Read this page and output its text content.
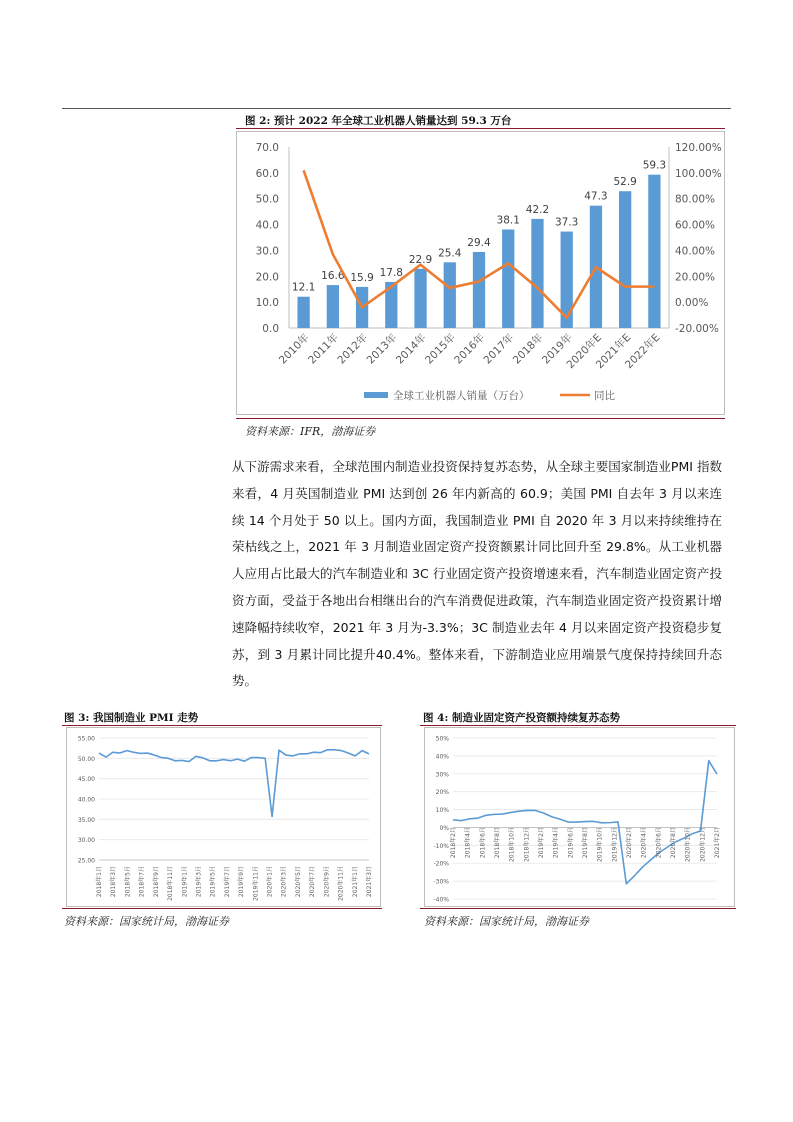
图 2: 预计 2022 年全球工业机器人销量达到 59.3 万台
0.0
10.0
20.0
30.0
40.0
50.0
60.0
70.0
-20.00%
0.00%
20.00%
40.00%
60.00%
80.00%
100.00%
120.00%
12.1
2010年
16.6
2011年
15.9
2012年
17.8
2013年
22.9
2014年
25.4
2015年
29.4
2016年
38.1
2017年
42.2
2018年
37.3
2019年
47.3
2020年E
52.9
2021年E
59.3
2022年E
全球工业机器人销量（万台）	同比
资料来源：IFR，渤海证券
从下游需求来看，全球范围内制造业投资保持复苏态势，从全球主要国家制造业PMI 指数来看，4 月英国制造业 PMI 达到创 26 年内新高的 60.9；美国 PMI 自去年 3 月以来连续 14 个月处于 50 以上。国内方面，我国制造业 PMI 自 2020 年 3 月以来持续维持在荣枯线之上，2021 年 3 月制造业固定资产投资额累计同比回升至 29.8%。从工业机器人应用占比最大的汽车制造业和 3C 行业固定资产投资增速来看，汽车制造业固定资产投资方面，受益于各地出台相继出台的汽车消费促进政策，汽车制造业固定资产投资累计增速降幅持续收窄，2021 年 3 月为-3.3%；3C 制造业去年 4 月以来固定资产投资稳步复苏，到 3 月累计同比提升40.4%。整体来看，下游制造业应用端景气度保持持续回升态势。
图 3: 我国制造业 PMI 走势
25.00
30.00
35.00
40.00
45.00
50.00
55.00
2018年1月 2018年3月 2018年5月 2018年7月 2018年9月 2018年11月 2019年1月 2019年3月 2019年5月 2019年7月 2019年9月 2019年11月 2020年1月 2020年3月 2020年5月 2020年7月 2020年9月 2020年11月 2021年1月 2021年3月
资料来源：国家统计局，渤海证券
图 4: 制造业固定资产投资额持续复苏态势
-40%
-30%
-20%
-10%
0%
10%
20%
30%
40%
50%
2018年2月 2018年4月 2018年6月 2018年8月 2018年10月 2018年12月 2019年2月 2019年4月 2019年6月 2019年8月 2019年10月 2019年12月 2020年2月 2020年4月 2020年6月 2020年8月 2020年10月 2020年12月 2021年2月
资料来源：国家统计局，渤海证券
